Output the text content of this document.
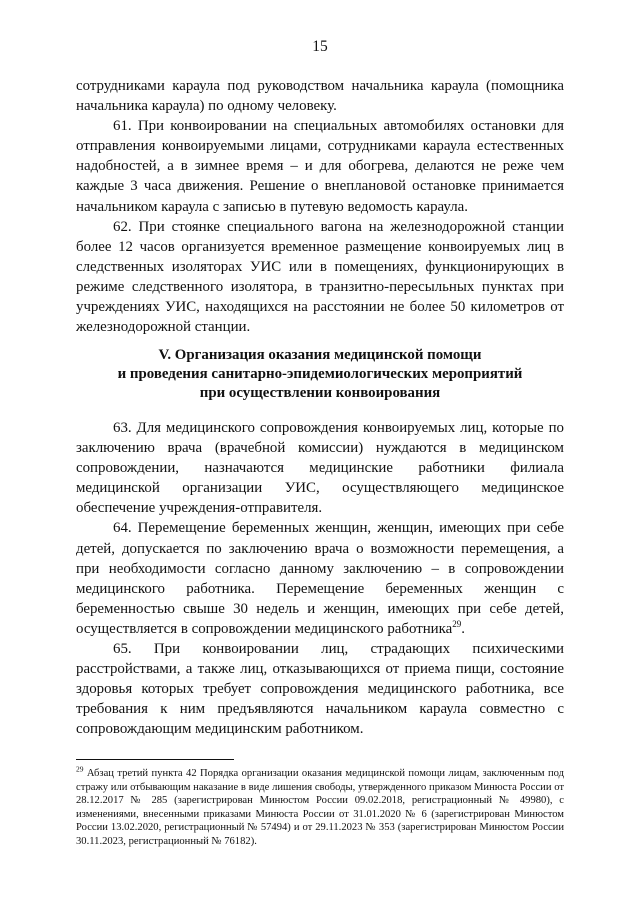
15

сотрудниками караула под руководством начальника караула (помощника начальника караула) по одному человеку.

61. При конвоировании на специальных автомобилях остановки для отправления конвоируемыми лицами, сотрудниками караула естественных надобностей, а в зимнее время – и для обогрева, делаются не реже чем каждые 3 часа движения. Решение о внеплановой остановке принимается начальником караула с записью в путевую ведомость караула.

62. При стоянке специального вагона на железнодорожной станции более 12 часов организуется временное размещение конвоируемых лиц в следственных изоляторах УИС или в помещениях, функционирующих в режиме следственного изолятора, в транзитно-пересыльных пунктах при учреждениях УИС, находящихся на расстоянии не более 50 километров от железнодорожной станции.

V. Организация оказания медицинской помощи
и проведения санитарно-эпидемиологических мероприятий
при осуществлении конвоирования

63. Для медицинского сопровождения конвоируемых лиц, которые по заключению врача (врачебной комиссии) нуждаются в медицинском сопровождении, назначаются медицинские работники филиала медицинской организации УИС, осуществляющего медицинское обеспечение учреждения-отправителя.

64. Перемещение беременных женщин, женщин, имеющих при себе детей, допускается по заключению врача о возможности перемещения, а при необходимости согласно данному заключению – в сопровождении медицинского работника. Перемещение беременных женщин с беременностью свыше 30 недель и женщин, имеющих при себе детей, осуществляется в сопровождении медицинского работника$^{29}$.

65. При конвоировании лиц, страдающих психическими расстройствами, а также лиц, отказывающихся от приема пищи, состояние здоровья которых требует сопровождения медицинского работника, все требования к ним предъявляются начальником караула совместно с сопровождающим медицинским работником.

$^{29}$ Абзац третий пункта 42 Порядка организации оказания медицинской помощи лицам, заключенным под стражу или отбывающим наказание в виде лишения свободы, утвержденного приказом Минюста России от 28.12.2017 № 285 (зарегистрирован Минюстом России 09.02.2018, регистрационный № 49980), с изменениями, внесенными приказами Минюста России от 31.01.2020 № 6 (зарегистрирован Минюстом России 13.02.2020, регистрационный № 57494) и от 29.11.2023 № 353 (зарегистрирован Минюстом России 30.11.2023, регистрационный № 76182).
